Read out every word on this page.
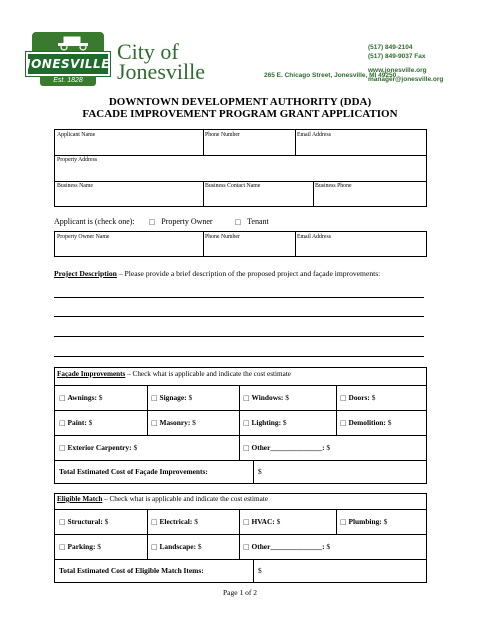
JONESVILLE
Est. 1828
City of
Jonesville	265 E. Chicago Street, Jonesville, MI 49250
(517) 849-2104
(517) 849-9037 Fax
www.jonesville.org
manager@jonesville.org
DOWNTOWN DEVELOPMENT AUTHORITY (DDA)
FACADE IMPROVEMENT PROGRAM GRANT APPLICATION
Applicant Name	Phone Number	Email Address
Property Address
Business Name	Business Contact Name	Business Phone
Applicant is (check one): □ Property Owner	□ Tenant
Property Owner Name	Phone Number	Email Address
Project Description – Please provide a brief description of the proposed project and façade improvements:
Façade Improvements – Check what is applicable and indicate the cost estimate
□ Awnings: $	□ Signage: $	□ Windows: $	□ Doors: $
□ Paint: $	□ Masonry: $	□ Lighting: $	□ Demolition: $
□ Exterior Carpentry: $	□ Other______________: $
Total Estimated Cost of Façade Improvements:	$
Eligible Match – Check what is applicable and indicate the cost estimate
□ Structural: $	□ Electrical: $	□ HVAC: $	□ Plumbing: $
□ Parking: $	□ Landscape: $	□ Other______________: $
Total Estimated Cost of Eligible Match Items:	$
Page 1 of 2
